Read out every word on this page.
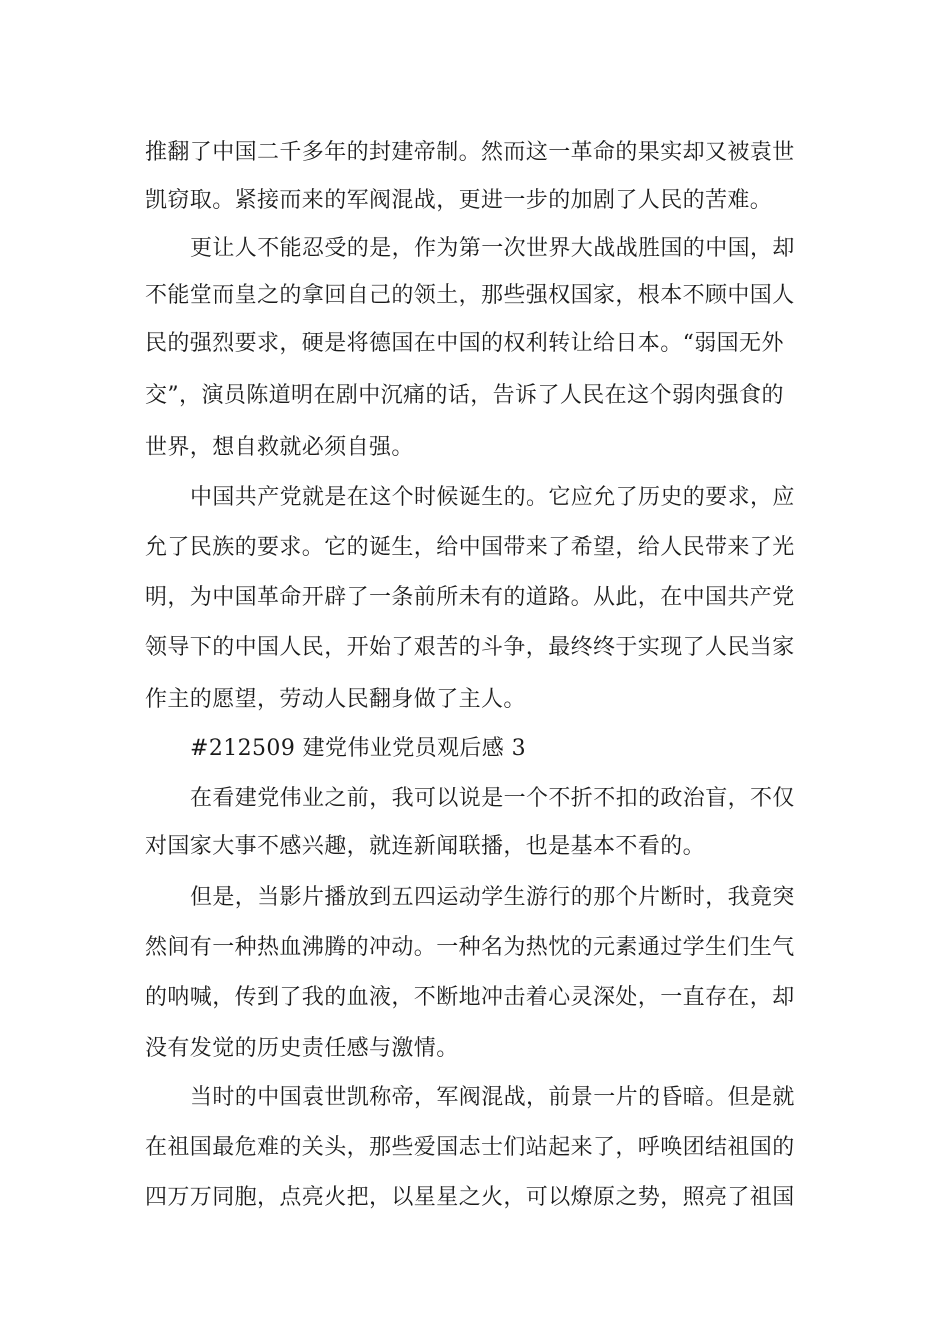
推翻了中国二千多年的封建帝制。然而这一革命的果实却又被袁世
凯窃取。紧接而来的军阀混战，更进一步的加剧了人民的苦难。
更让人不能忍受的是，作为第一次世界大战战胜国的中国，却
不能堂而皇之的拿回自己的领土，那些强权国家，根本不顾中国人
民的强烈要求，硬是将德国在中国的权利转让给日本。“弱国无外
交”，演员陈道明在剧中沉痛的话，告诉了人民在这个弱肉强食的
世界，想自救就必须自强。
中国共产党就是在这个时候诞生的。它应允了历史的要求，应
允了民族的要求。它的诞生，给中国带来了希望，给人民带来了光
明，为中国革命开辟了一条前所未有的道路。从此，在中国共产党
领导下的中国人民，开始了艰苦的斗争，最终终于实现了人民当家
作主的愿望，劳动人民翻身做了主人。
#212509 建党伟业党员观后感 3
在看建党伟业之前，我可以说是一个不折不扣的政治盲，不仅
对国家大事不感兴趣，就连新闻联播，也是基本不看的。
但是，当影片播放到五四运动学生游行的那个片断时，我竟突
然间有一种热血沸腾的冲动。一种名为热忱的元素通过学生们生气
的呐喊，传到了我的血液，不断地冲击着心灵深处，一直存在，却
没有发觉的历史责任感与激情。
当时的中国袁世凯称帝，军阀混战，前景一片的昏暗。但是就
在祖国最危难的关头，那些爱国志士们站起来了，呼唤团结祖国的
四万万同胞，点亮火把，以星星之火，可以燎原之势，照亮了祖国
